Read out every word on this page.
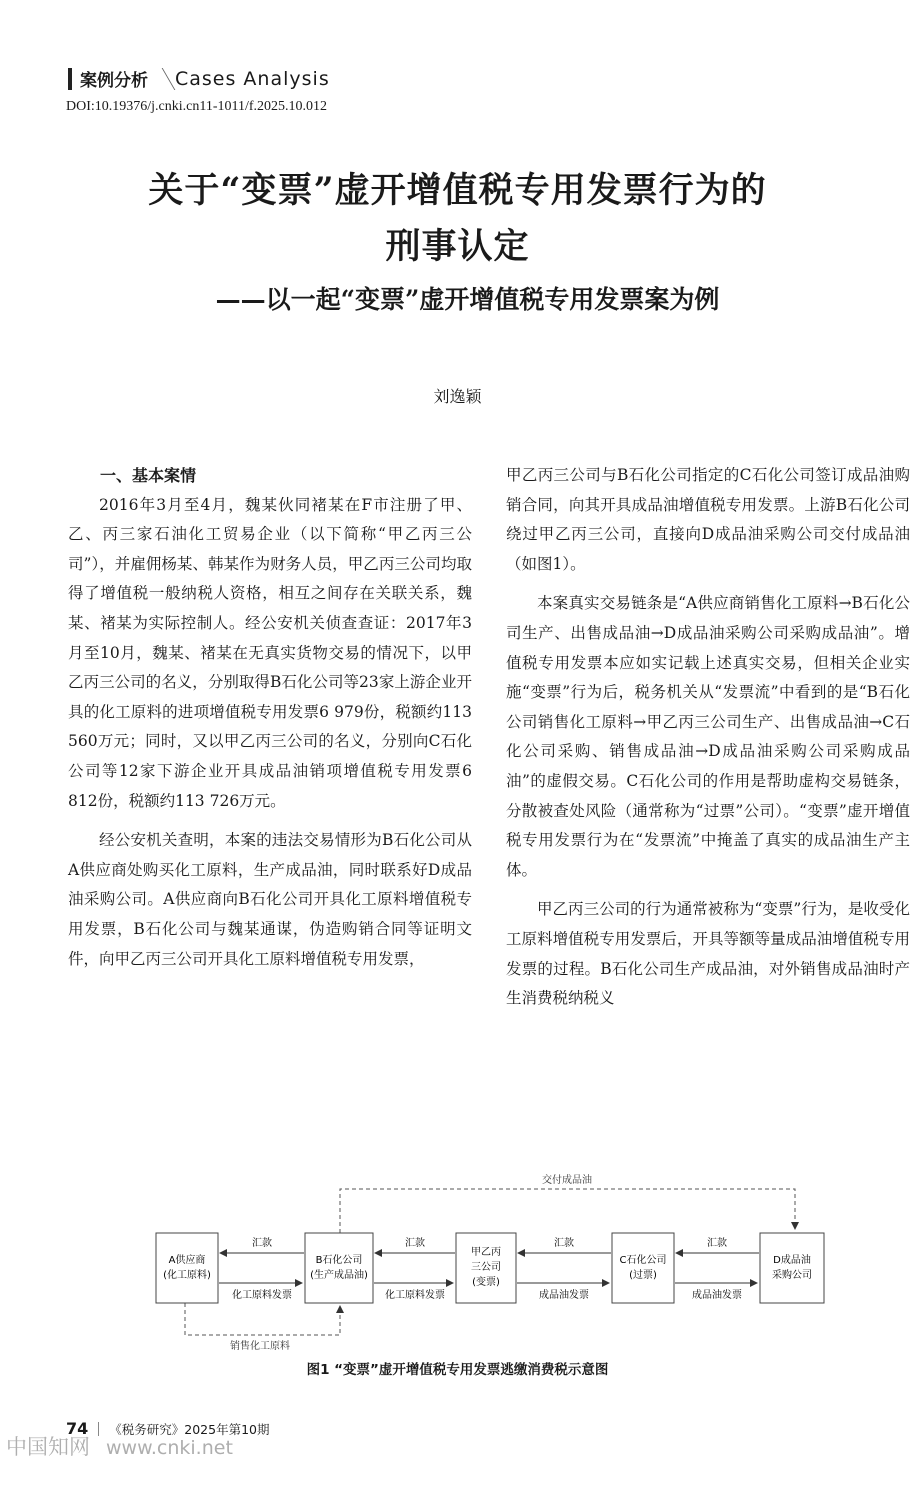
案例分析 Cases Analysis
DOI:10.19376/j.cnki.cn11-1011/f.2025.10.012
关于“变票”虚开增值税专用发票行为的
刑事认定
——以一起“变票”虚开增值税专用发票案为例
刘逸颖
一、基本案情

2016年3月至4月，魏某伙同褚某在F市注册了甲、乙、丙三家石油化工贸易企业（以下简称“甲乙丙三公司”），并雇佣杨某、韩某作为财务人员，甲乙丙三公司均取得了增值税一般纳税人资格，相互之间存在关联关系，魏某、褚某为实际控制人。经公安机关侦查查证：2017年3月至10月，魏某、褚某在无真实货物交易的情况下，以甲乙丙三公司的名义，分别取得B石化公司等23家上游企业开具的化工原料的进项增值税专用发票6 979份，税额约113 560万元；同时，又以甲乙丙三公司的名义，分别向C石化公司等12家下游企业开具成品油销项增值税专用发票6 812份，税额约113 726万元。

经公安机关查明，本案的违法交易情形为B石化公司从A供应商处购买化工原料，生产成品油，同时联系好D成品油采购公司。A供应商向B石化公司开具化工原料增值税专用发票，B石化公司与魏某通谋，伪造购销合同等证明文件，向甲乙丙三公司开具化工原料增值税专用发票，

甲乙丙三公司与B石化公司指定的C石化公司签订成品油购销合同，向其开具成品油增值税专用发票。上游B石化公司绕过甲乙丙三公司，直接向D成品油采购公司交付成品油（如图1）。

本案真实交易链条是“A供应商销售化工原料→B石化公司生产、出售成品油→D成品油采购公司采购成品油”。增值税专用发票本应如实记载上述真实交易，但相关企业实施“变票”行为后，税务机关从“发票流”中看到的是“B石化公司销售化工原料→甲乙丙三公司生产、出售成品油→C石化公司采购、销售成品油→D成品油采购公司采购成品油”的虚假交易。C石化公司的作用是帮助虚构交易链条，分散被查处风险（通常称为“过票”公司）。“变票”虚开增值税专用发票行为在“发票流”中掩盖了真实的成品油生产主体。

甲乙丙三公司的行为通常被称为“变票”行为，是收受化工原料增值税专用发票后，开具等额等量成品油增值税专用发票的过程。B石化公司生产成品油，对外销售成品油时产生消费税纳税义

交付成品油
销售化工原料
A供应商
(化工原料)
B石化公司
(生产成品油)
甲乙丙
三公司
(变票)
C石化公司
(过票)
D成品油
采购公司
汇款	汇款	汇款	汇款
化工原料发票	化工原料发票	成品油发票	成品油发票
图1 “变票”虚开增值税专用发票逃缴消费税示意图
74 《税务研究》2025年第10期
中国知网 www.cnki.net
